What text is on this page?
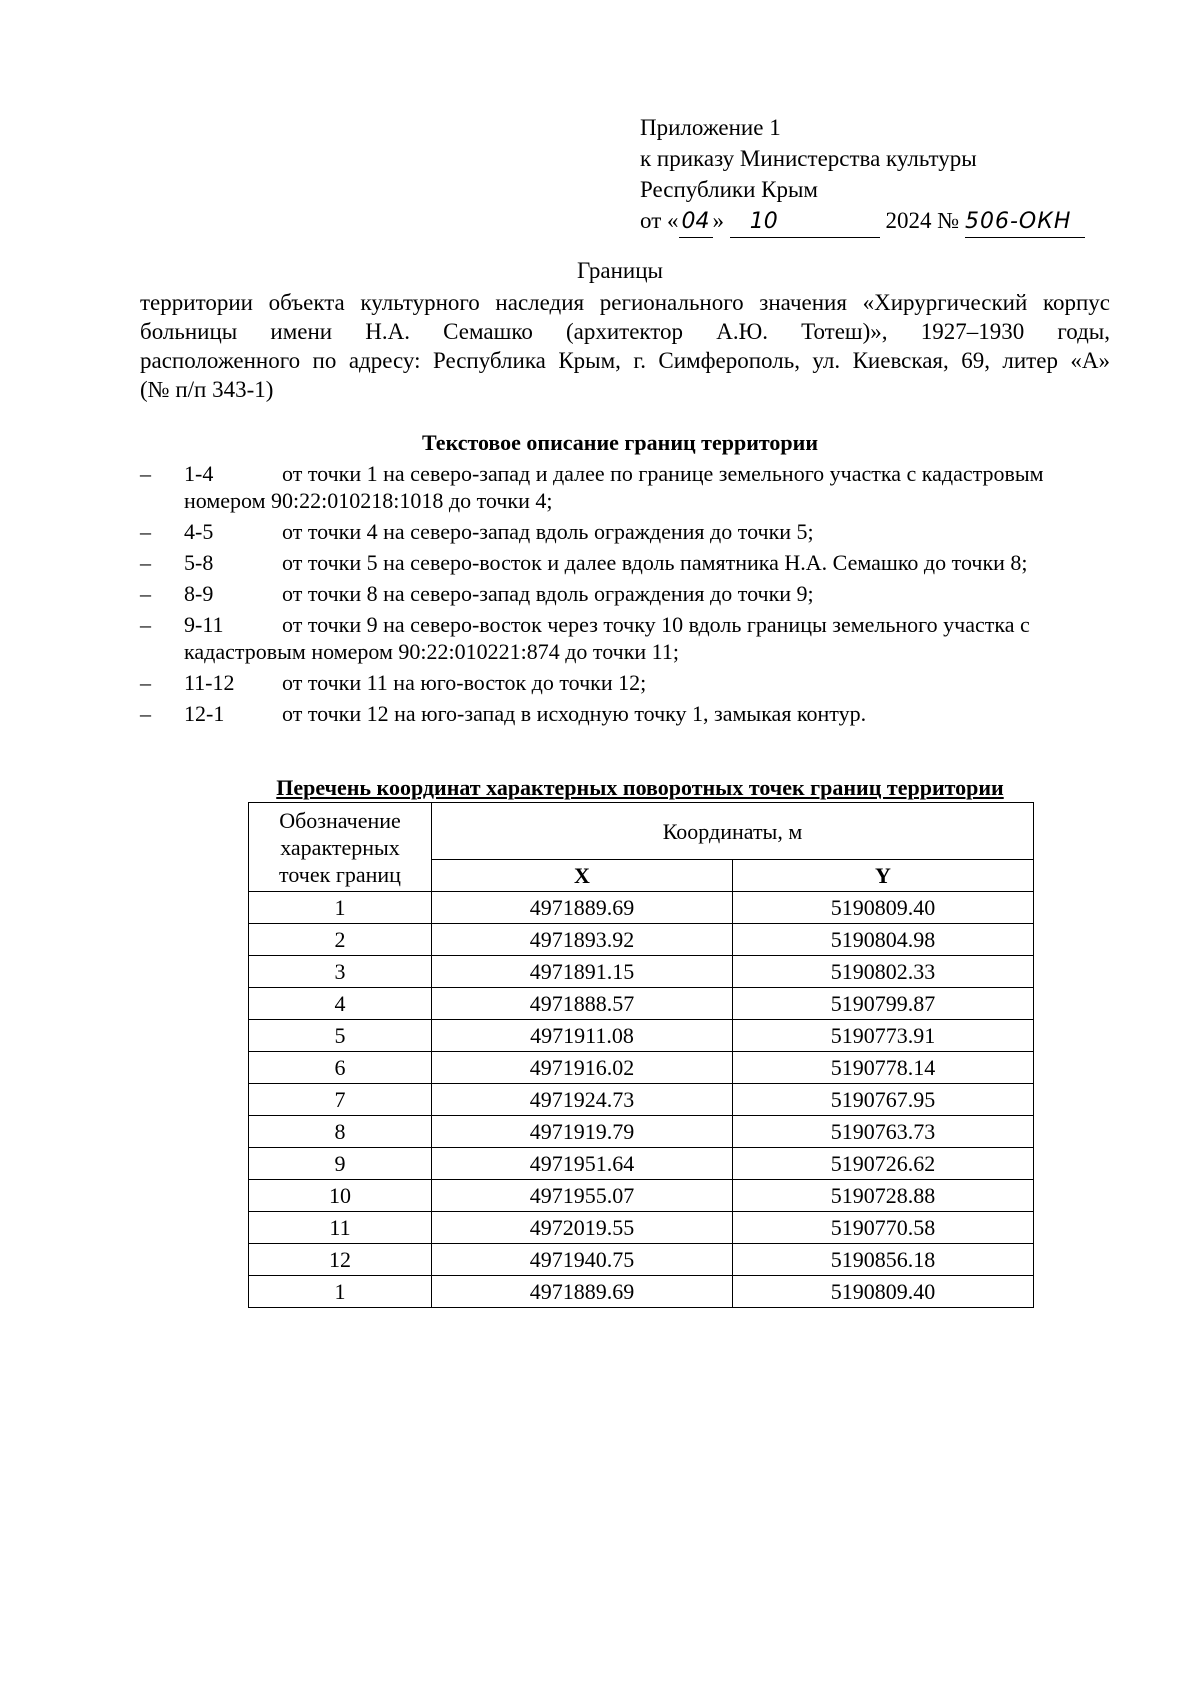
Приложение 1
к приказу Министерства культуры
Республики Крым
от « 04 » 10	2024 № 506-ОКН
Границы
территории объекта культурного наследия регионального значения «Хирургический корпус
больницы имени Н.А. Семашко (архитектор А.Ю. Тотеш)», 1927–1930 годы,
расположенного по адресу: Республика Крым, г. Симферополь, ул. Киевская, 69, литер «А»
(№ п/п 343-1)
Текстовое описание границ территории
– 1-4	от точки 1 на северо-запад и далее по границе земельного участка с кадастровым номером 90:22:010218:1018 до точки 4;
– 4-5	от точки 4 на северо-запад вдоль ограждения до точки 5;
– 5-8	от точки 5 на северо-восток и далее вдоль памятника Н.А. Семашко до точки 8;
– 8-9	от точки 8 на северо-запад вдоль ограждения до точки 9;
– 9-11	от точки 9 на северо-восток через точку 10 вдоль границы земельного участка с кадастровым номером 90:22:010221:874 до точки 11;
– 11-12 от точки 11 на юго-восток до точки 12;
– 12-1	от точки 12 на юго-запад в исходную точку 1, замыкая контур.
Перечень координат характерных поворотных точек границ территории
Обозначение
характерных
точек границ	Координаты, м	
	X	Y
1	4971889.69	5190809.40
2	4971893.92	5190804.98
3	4971891.15	5190802.33
4	4971888.57	5190799.87
5	4971911.08	5190773.91
6	4971916.02	5190778.14
7	4971924.73	5190767.95
8	4971919.79	5190763.73
9	4971951.64	5190726.62
10	4971955.07	5190728.88
11	4972019.55	5190770.58
12	4971940.75	5190856.18
1	4971889.69	5190809.40
